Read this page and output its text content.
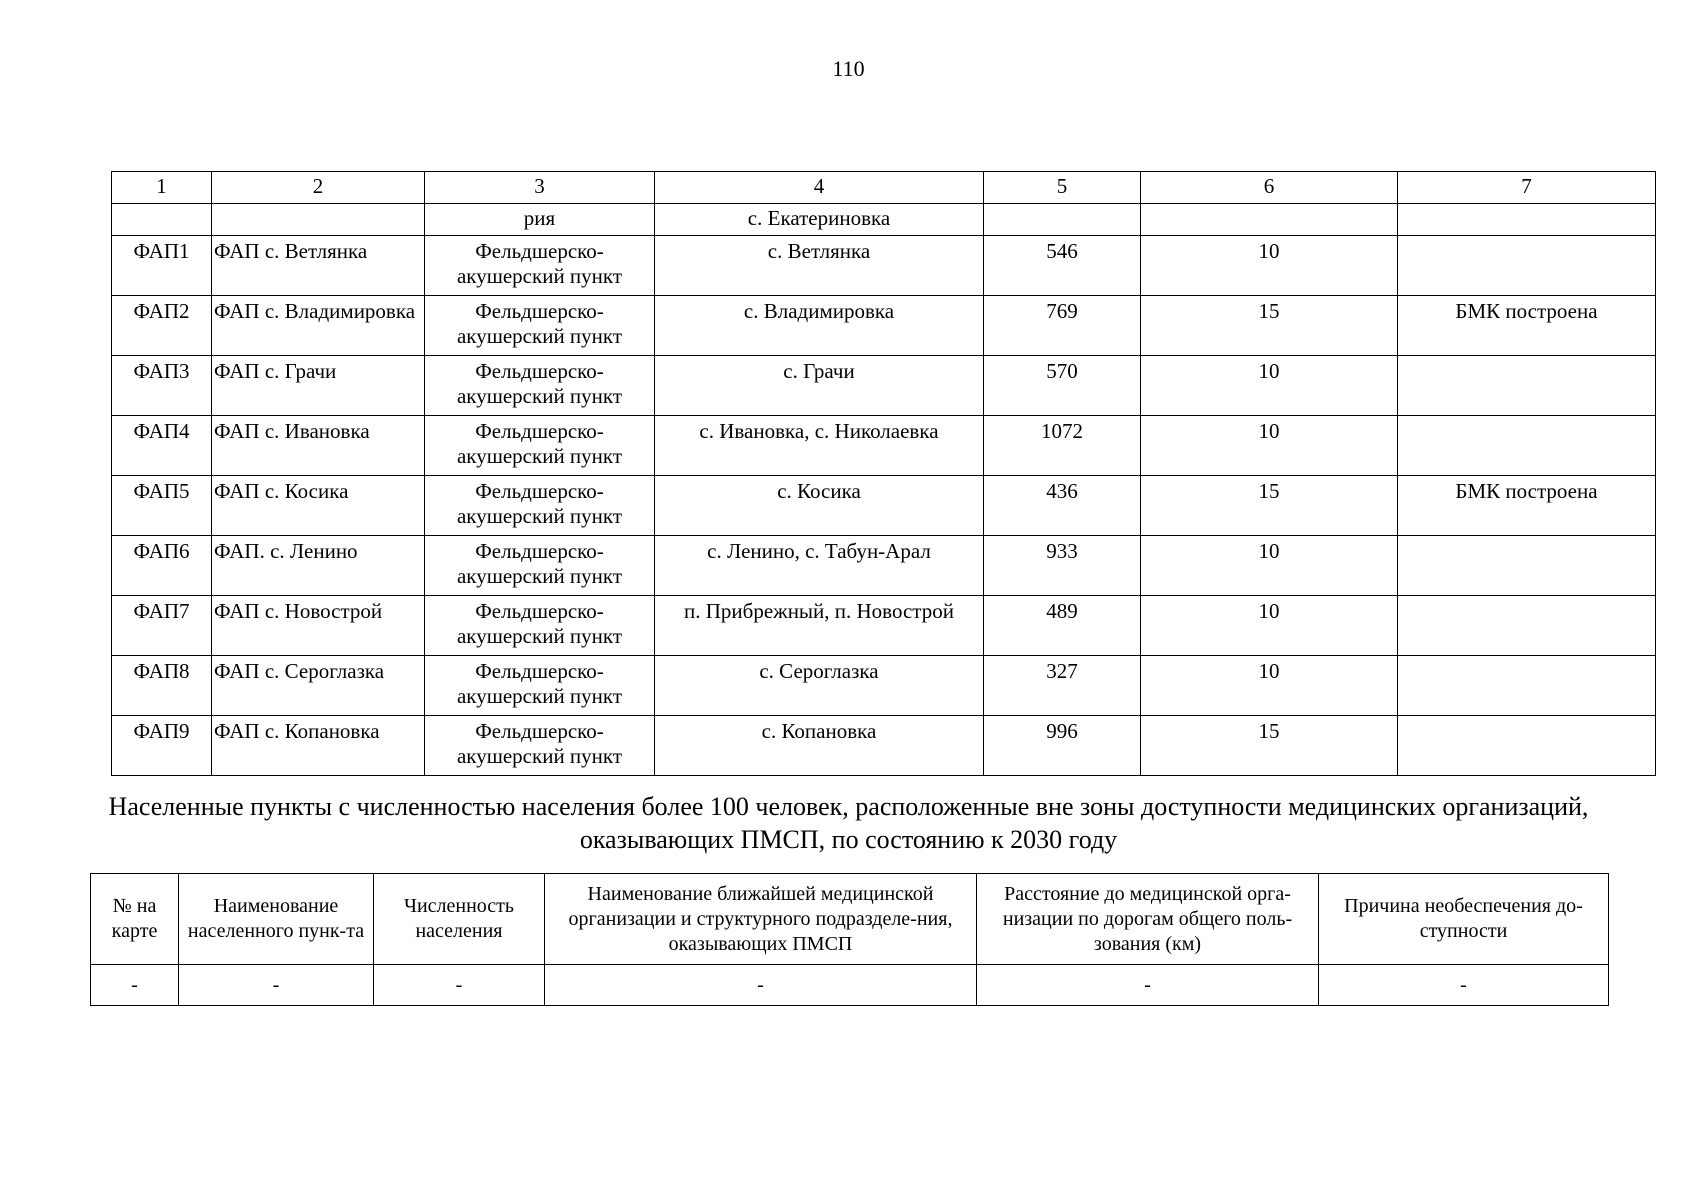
110
1	2	3	4	5	6	7
		рия	с. Екатериновка			
ФАП1	ФАП с. Ветлянка	Фельдшерско-акушерский пункт	с. Ветлянка	546	10	
ФАП2	ФАП с. Владимировка	Фельдшерско-акушерский пункт	с. Владимировка	769	15	БМК построена
ФАП3	ФАП с. Грачи	Фельдшерско-акушерский пункт	с. Грачи	570	10	
ФАП4	ФАП с. Ивановка	Фельдшерско-акушерский пункт	с. Ивановка, с. Николаевка	1072	10	
ФАП5	ФАП с. Косика	Фельдшерско-акушерский пункт	с. Косика	436	15	БМК построена
ФАП6	ФАП. с. Ленино	Фельдшерско-акушерский пункт	с. Ленино, с. Табун-Арал	933	10	
ФАП7	ФАП с. Новострой	Фельдшерско-акушерский пункт	п. Прибрежный, п. Новострой	489	10	
ФАП8	ФАП с. Сероглазка	Фельдшерско-акушерский пункт	с. Сероглазка	327	10	
ФАП9	ФАП с. Копановка	Фельдшерско-акушерский пункт	с. Копановка	996	15	
Населенные пункты с численностью населения более 100 человек, расположенные вне зоны доступности медицинских организаций, оказывающих ПМСП, по состоянию к 2030 году
№ на карте	Наименование населенного пунк-та	Численность населения	Наименование ближайшей медицинской организации и структурного подразделе-ния, оказывающих ПМСП	Расстояние до медицинской орга-низации по дорогам общего поль-зования (км)	Причина необеспечения до-ступности
-	-	-	-	-	-
